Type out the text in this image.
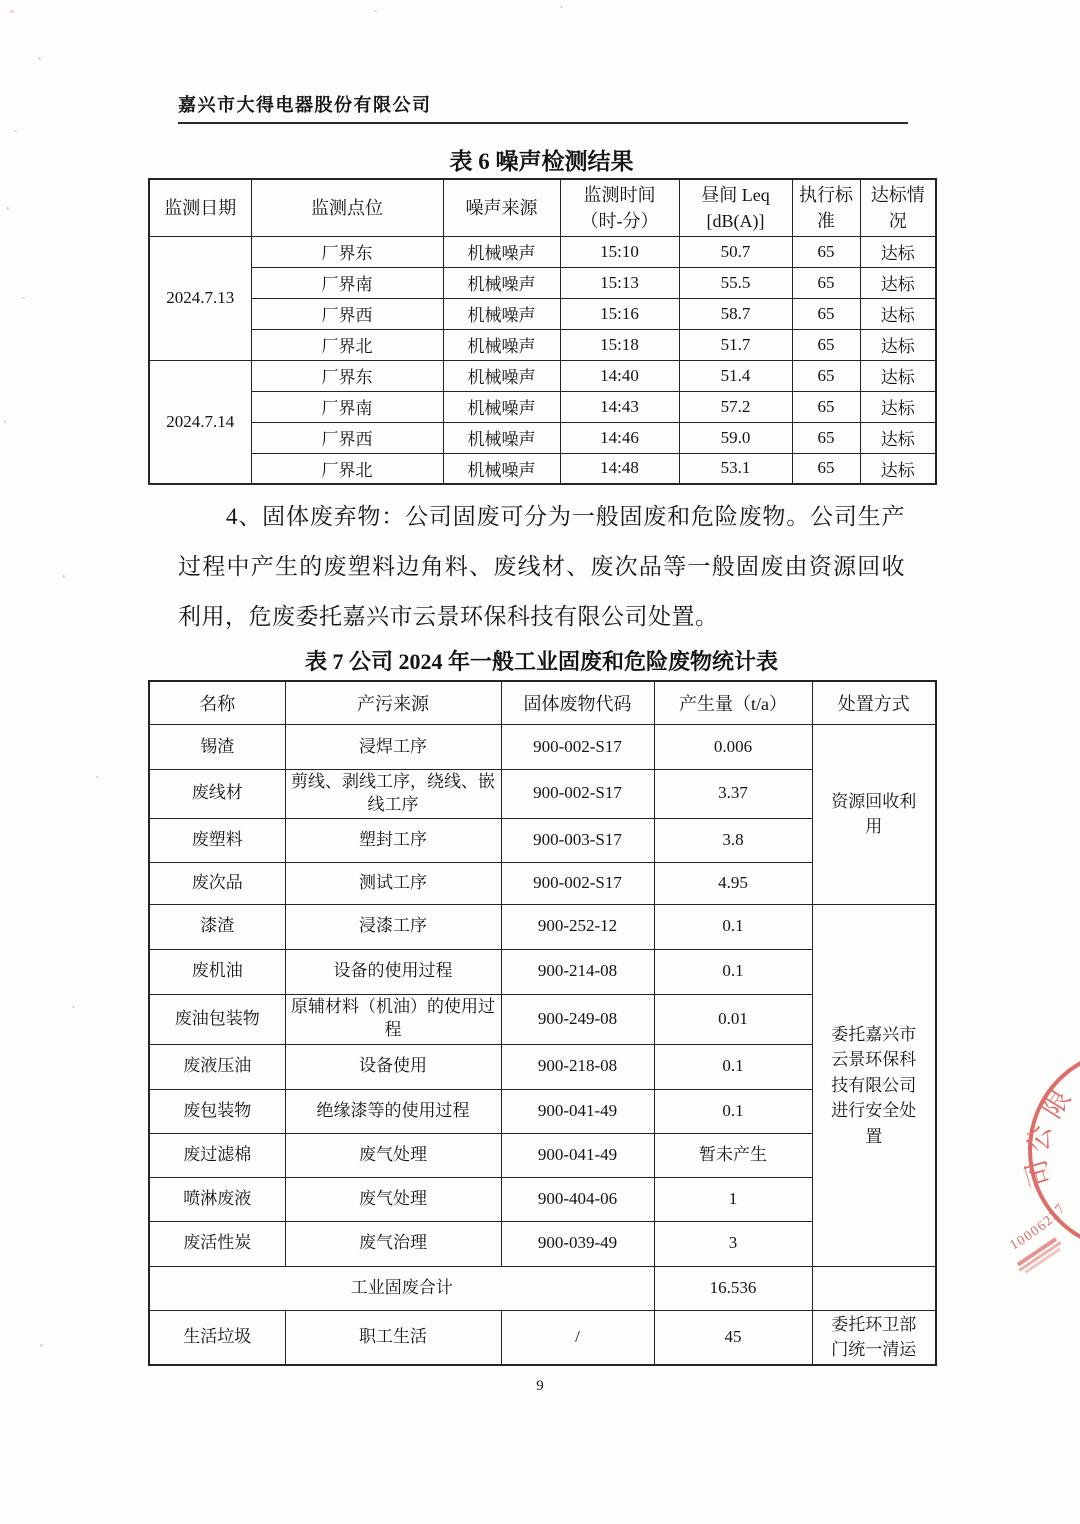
嘉兴市大得电器股份有限公司
表 6 噪声检测结果
监测日期	监测点位	噪声来源	监测时间（时-分）	昼间 Leq [dB(A)]	执行标准	达标情况
2024.7.13	厂界东	机械噪声	15:10	50.7	65	达标
	厂界南	机械噪声	15:13	55.5	65	达标
	厂界西	机械噪声	15:16	58.7	65	达标
	厂界北	机械噪声	15:18	51.7	65	达标
2024.7.14	厂界东	机械噪声	14:40	51.4	65	达标
	厂界南	机械噪声	14:43	57.2	65	达标
	厂界西	机械噪声	14:46	59.0	65	达标
	厂界北	机械噪声	14:48	53.1	65	达标
4、固体废弃物：公司固废可分为一般固废和危险废物。公司生产过程中产生的废塑料边角料、废线材、废次品等一般固废由资源回收利用，危废委托嘉兴市云景环保科技有限公司处置。
表 7 公司 2024 年一般工业固废和危险废物统计表
名称	产污来源	固体废物代码	产生量（t/a）	处置方式
锡渣	浸焊工序	900-002-S17	0.006	资源回收利用
废线材	剪线、剥线工序，绕线、嵌线工序	900-002-S17	3.37	
废塑料	塑封工序	900-003-S17	3.8	
废次品	测试工序	900-002-S17	4.95	
漆渣	浸漆工序	900-252-12	0.1	委托嘉兴市云景环保科技有限公司进行安全处置
废机油	设备的使用过程	900-214-08	0.1	
废油包装物	原辅材料（机油）的使用过程	900-249-08	0.01	
废液压油	设备使用	900-218-08	0.1	
废包装物	绝缘漆等的使用过程	900-041-49	0.1	
废过滤棉	废气处理	900-041-49	暂未产生	
喷淋废液	废气处理	900-404-06	1	
废活性炭	废气治理	900-039-49	3	
工业固废合计			16.536	
生活垃圾	职工生活	/	45	委托环卫部门统一清运
9
限
公
司
10006227
